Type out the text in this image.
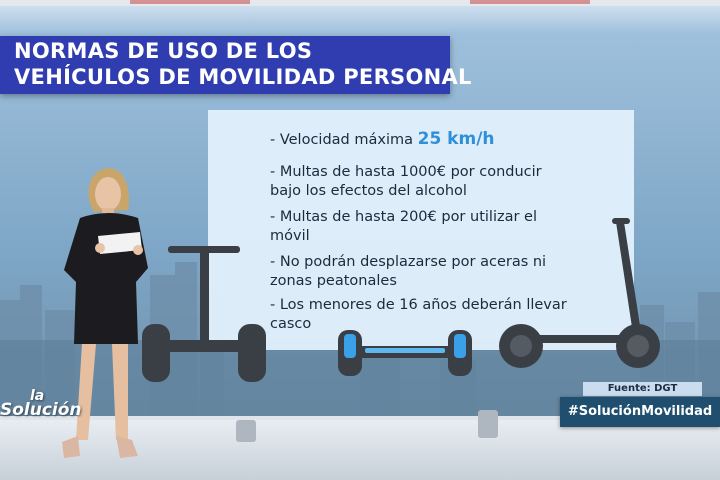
NORMAS DE USO DE LOS
VEHÍCULOS DE MOVILIDAD PERSONAL
- Velocidad máxima 25 km/h
- Multas de hasta 1000€ por conducir
bajo los efectos del alcohol
- Multas de hasta 200€ por utilizar el
móvil
- No podrán desplazarse por aceras ni
zonas peatonales
- Los menores de 16 años deberán llevar
casco
Fuente: DGT
#SoluciónMovilidad
la
Solución
